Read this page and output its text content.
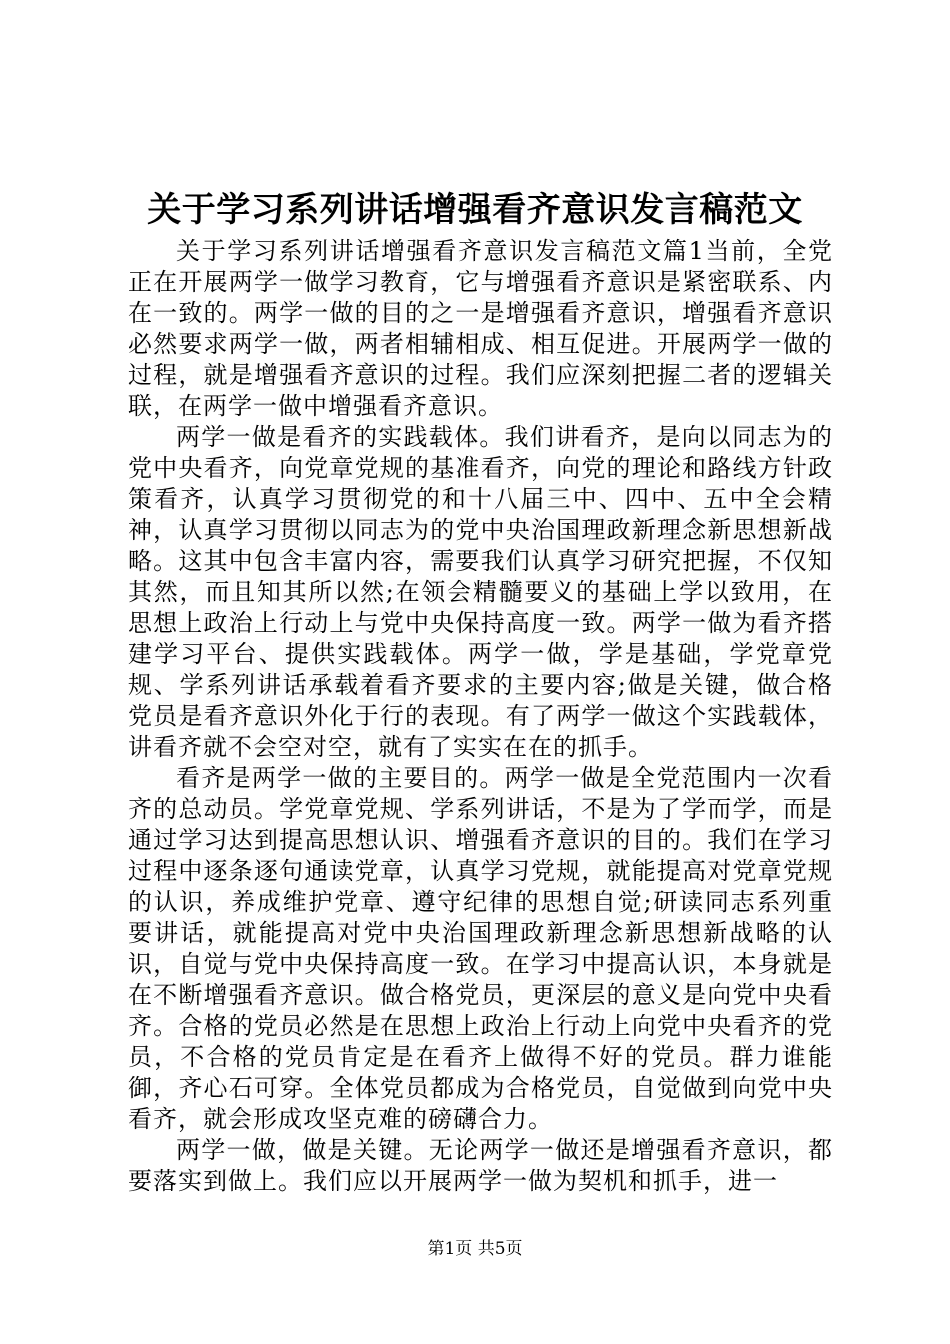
关于学习系列讲话增强看齐意识发言稿范文

关于学习系列讲话增强看齐意识发言稿范文篇1当前，全党正在开展两学一做学习教育，它与增强看齐意识是紧密联系、内在一致的。两学一做的目的之一是增强看齐意识，增强看齐意识必然要求两学一做，两者相辅相成、相互促进。开展两学一做的过程，就是增强看齐意识的过程。我们应深刻把握二者的逻辑关联，在两学一做中增强看齐意识。

两学一做是看齐的实践载体。我们讲看齐，是向以同志为的党中央看齐，向党章党规的基准看齐，向党的理论和路线方针政策看齐，认真学习贯彻党的和十八届三中、四中、五中全会精神，认真学习贯彻以同志为的党中央治国理政新理念新思想新战略。这其中包含丰富内容，需要我们认真学习研究把握，不仅知其然，而且知其所以然;在领会精髓要义的基础上学以致用，在思想上政治上行动上与党中央保持高度一致。两学一做为看齐搭建学习平台、提供实践载体。两学一做，学是基础，学党章党规、学系列讲话承载着看齐要求的主要内容;做是关键，做合格党员是看齐意识外化于行的表现。有了两学一做这个实践载体，讲看齐就不会空对空，就有了实实在在的抓手。

看齐是两学一做的主要目的。两学一做是全党范围内一次看齐的总动员。学党章党规、学系列讲话，不是为了学而学，而是通过学习达到提高思想认识、增强看齐意识的目的。我们在学习过程中逐条逐句通读党章，认真学习党规，就能提高对党章党规的认识，养成维护党章、遵守纪律的思想自觉;研读同志系列重要讲话，就能提高对党中央治国理政新理念新思想新战略的认识，自觉与党中央保持高度一致。在学习中提高认识，本身就是在不断增强看齐意识。做合格党员，更深层的意义是向党中央看齐。合格的党员必然是在思想上政治上行动上向党中央看齐的党员，不合格的党员肯定是在看齐上做得不好的党员。群力谁能御，齐心石可穿。全体党员都成为合格党员，自觉做到向党中央看齐，就会形成攻坚克难的磅礴合力。

两学一做，做是关键。无论两学一做还是增强看齐意识，都要落实到做上。我们应以开展两学一做为契机和抓手，进一

第1页 共5页
